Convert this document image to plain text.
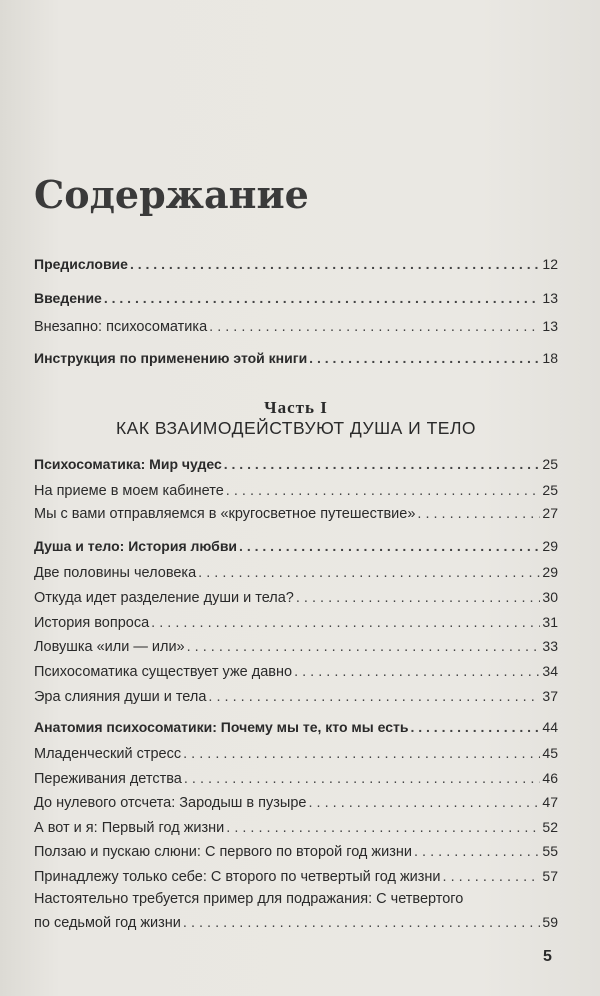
Содержание
Предисловие . . .	12
Введение . . .	13
Внезапно: психосоматика . . .	13
Инструкция по применению этой книги . . .	18
Часть I
КАК ВЗАИМОДЕЙСТВУЮТ ДУША И ТЕЛО
Психосоматика: Мир чудес . . .	25
На приеме в моем кабинете . . .	25
Мы с вами отправляемся в «кругосветное путешествие» . . .	27
Душа и тело: История любви . . .	29
Две половины человека . . .	29
Откуда идет разделение души и тела? . . .	30
История вопроса . . .	31
Ловушка «или — или» . . .	33
Психосоматика существует уже давно . . .	34
Эра слияния души и тела . . .	37
Анатомия психосоматики: Почему мы те, кто мы есть . . .	44
Младенческий стресс . . .	45
Переживания детства . . .	46
До нулевого отсчета: Зародыш в пузыре . . .	47
А вот и я: Первый год жизни . . .	52
Ползаю и пускаю слюни: С первого по второй год жизни . . .	55
Принадлежу только себе: С второго по четвертый год жизни . . .	57
Настоятельно требуется пример для подражания: С четвертого
по седьмой год жизни . . .	59
5
